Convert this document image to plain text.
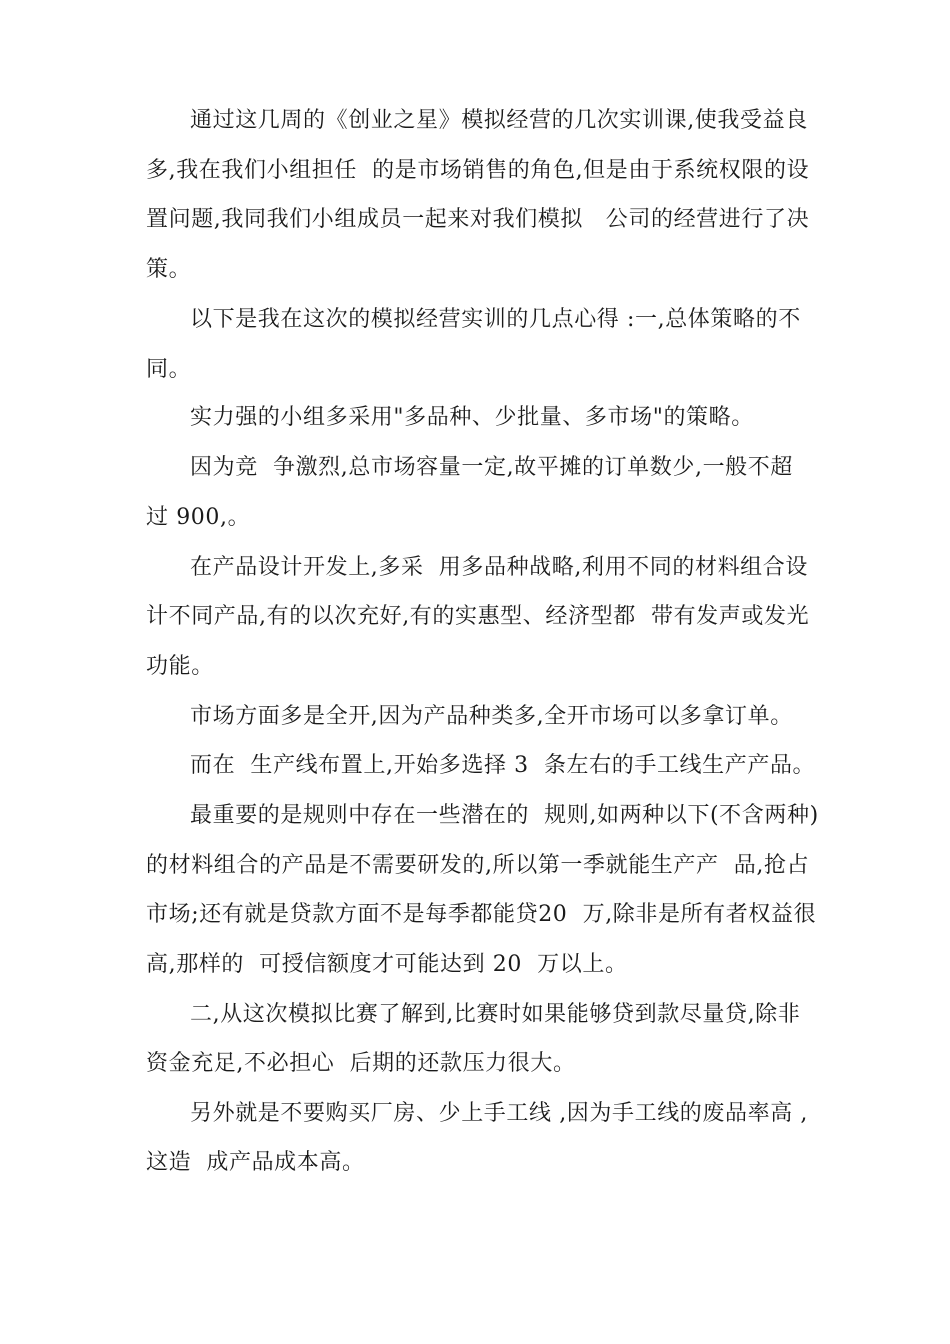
通过这几周的《创业之星》模拟经营的几次实训课,使我受益良
多,我在我们小组担任  的是市场销售的角色,但是由于系统权限的设
置问题,我同我们小组成员一起来对我们模拟   公司的经营进行了决
策。
以下是我在这次的模拟经营实训的几点心得 :一,总体策略的不
同。
实力强的小组多采用"多品种、少批量、多市场"的策略。
因为竞  争激烈,总市场容量一定,故平摊的订单数少,一般不超
过 900,。
在产品设计开发上,多采  用多品种战略,利用不同的材料组合设
计不同产品,有的以次充好,有的实惠型、经济型都  带有发声或发光
功能。
市场方面多是全开,因为产品种类多,全开市场可以多拿订单。
而在  生产线布置上,开始多选择 3  条左右的手工线生产产品。
最重要的是规则中存在一些潜在的  规则,如两种以下(不含两种)
的材料组合的产品是不需要研发的,所以第一季就能生产产  品,抢占
市场;还有就是贷款方面不是每季都能贷20  万,除非是所有者权益很
高,那样的  可授信额度才可能达到 20  万以上。
二,从这次模拟比赛了解到,比赛时如果能够贷到款尽量贷,除非
资金充足,不必担心  后期的还款压力很大。
另外就是不要购买厂房、少上手工线 ,因为手工线的废品率高 ,
这造  成产品成本高。
